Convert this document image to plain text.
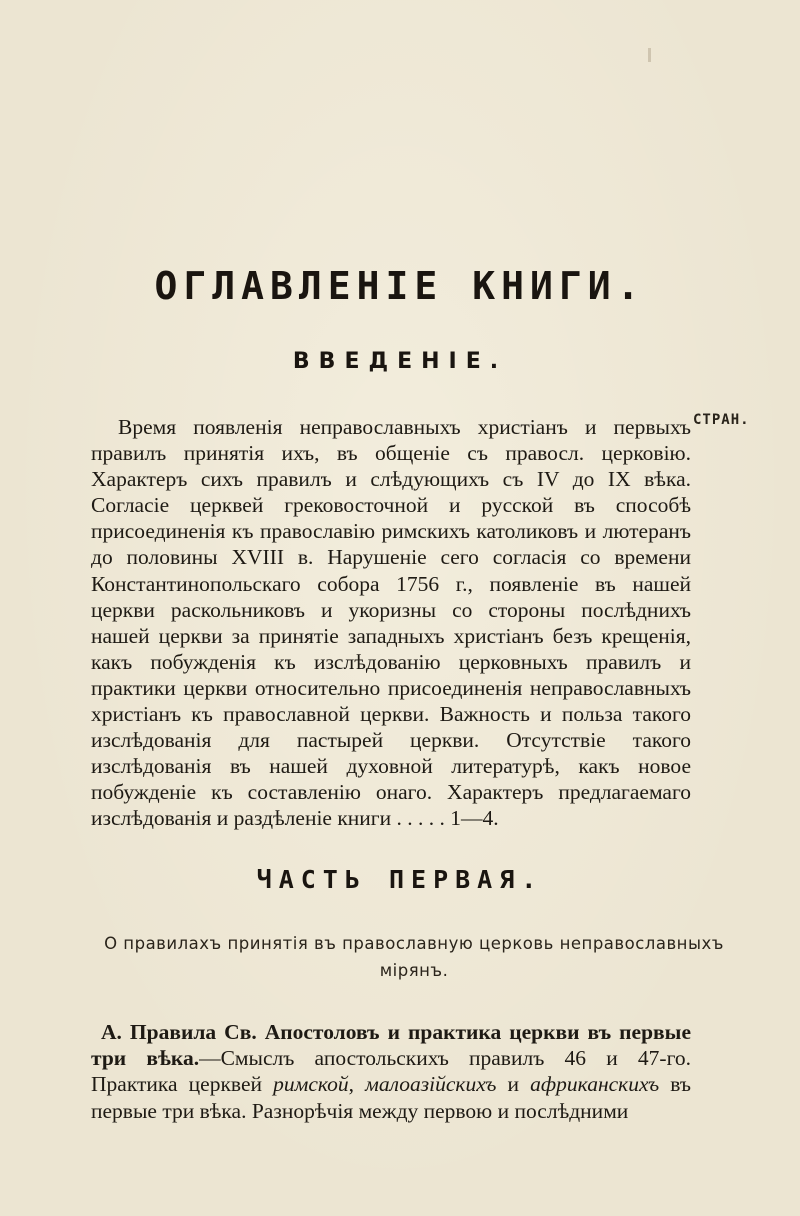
ОГЛАВЛЕНІЕ КНИГИ.
ВВЕДЕНІЕ.
СТРАН.

Время появленія неправославныхъ христіанъ и первыхъ правилъ принятія ихъ, въ общеніе съ правосл. церковію. Характеръ сихъ правилъ и слѣдующихъ съ IV до IX вѣка. Согласіе церквей грековосточной и русской въ способѣ присоединенія къ православію римскихъ католиковъ и лютеранъ до половины XVIII в. Нарушеніе сего согласія со времени Константинопольскаго собора 1756 г., появленіе въ нашей церкви раскольниковъ и укоризны со стороны послѣднихъ нашей церкви за принятіе западныхъ христіанъ безъ крещенія, какъ побужденія къ изслѣдованію церковныхъ правилъ и практики церкви относительно присоединенія неправославныхъ христіанъ къ православной церкви. Важность и польза такого изслѣдованія для пастырей церкви. Отсутствіе такого изслѣдованія въ нашей духовной литературѣ, какъ новое побужденіе къ составленію онаго. Характеръ предлагаемаго изслѣдованія и раздѣленіе книги . . . . . 1—4.

ЧАСТЬ ПЕРВАЯ.

О правилахъ принятія въ православную церковь неправославныхъ мірянъ.

А. Правила Св. Апостоловъ и практика церкви въ первые три вѣка.—Смыслъ апостольскихъ правилъ 46 и 47-го. Практика церквей римской, малоазійскихъ и африканскихъ въ первые три вѣка. Разнорѣчія между первою и послѣдними
